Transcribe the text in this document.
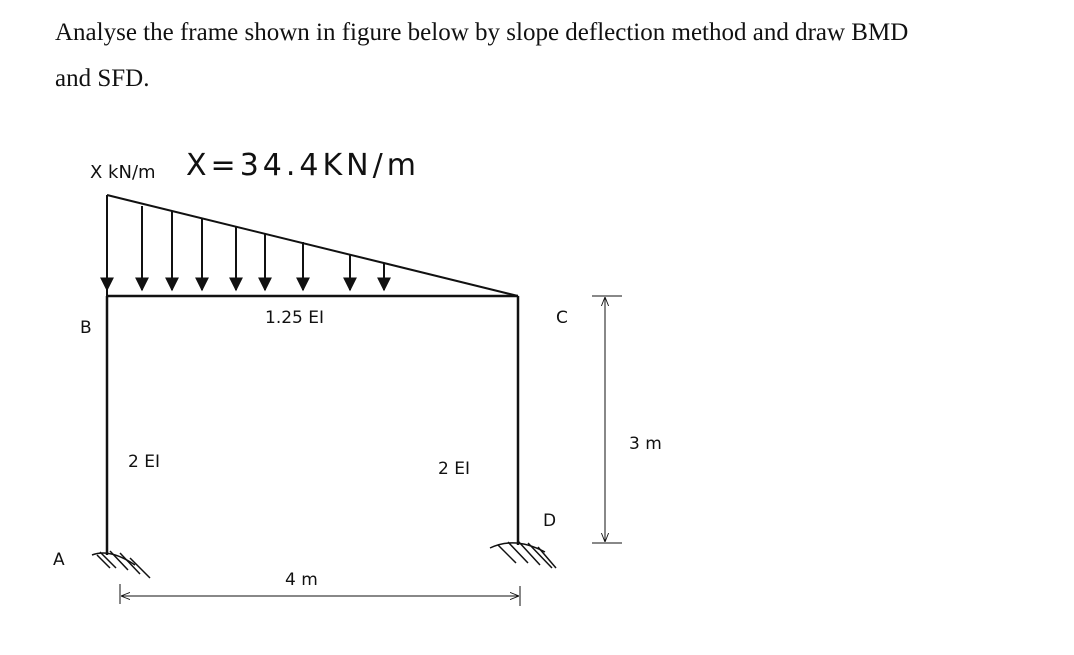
Analyse the frame shown in figure below by slope deflection method and draw BMD
and SFD.
X kN/m X=34.4KN/m
B	C
D
A
1.25 EI
2 EI	2 EI
3 m
4 m
